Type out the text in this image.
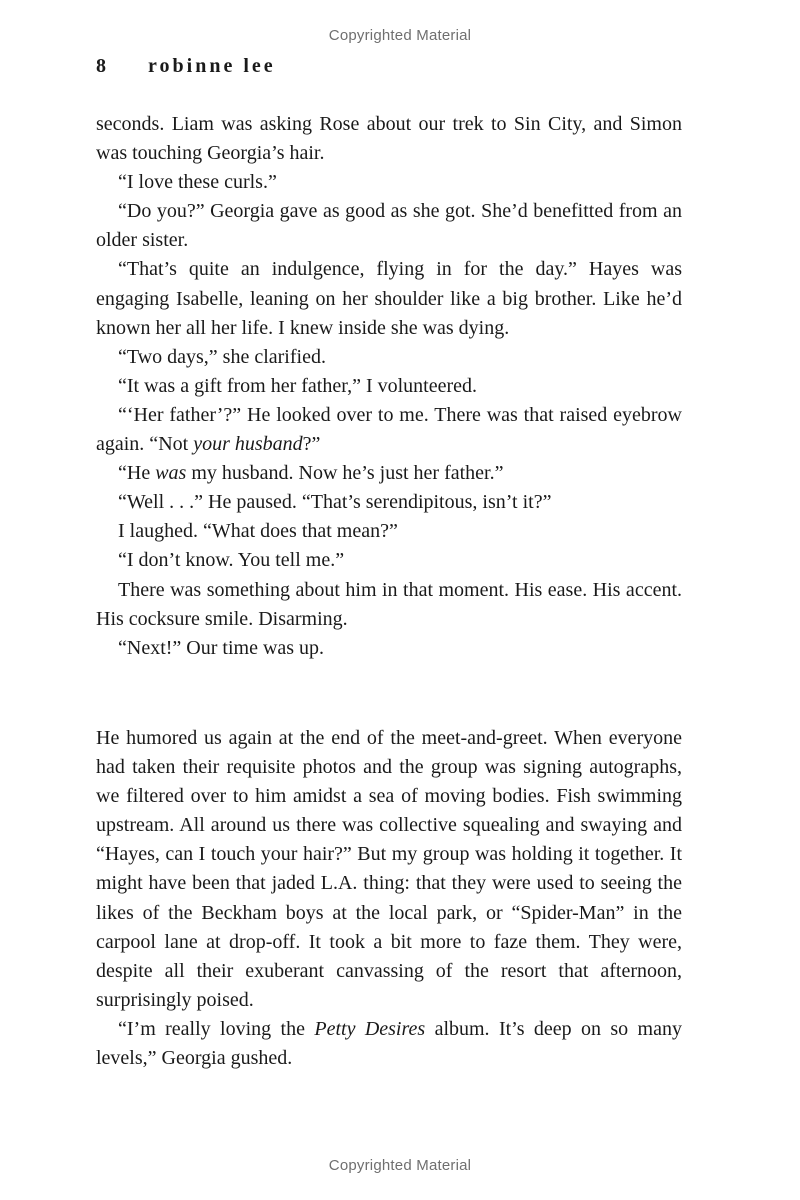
Copyrighted Material
8 robinne lee

seconds. Liam was asking Rose about our trek to Sin City, and Simon was touching Georgia’s hair.

“I love these curls.”

“Do you?” Georgia gave as good as she got. She’d benefitted from an older sister.

“That’s quite an indulgence, flying in for the day.” Hayes was engaging Isabelle, leaning on her shoulder like a big brother. Like he’d known her all her life. I knew inside she was dying.

“Two days,” she clarified.

“It was a gift from her father,” I volunteered.

“‘Her father’?” He looked over to me. There was that raised eyebrow again. “Not your husband?”

“He was my husband. Now he’s just her father.”

“Well . . .” He paused. “That’s serendipitous, isn’t it?”

I laughed. “What does that mean?”

“I don’t know. You tell me.”

There was something about him in that moment. His ease. His accent. His cocksure smile. Disarming.

“Next!” Our time was up.

He humored us again at the end of the meet-and-greet. When everyone had taken their requisite photos and the group was signing autographs, we filtered over to him amidst a sea of moving bodies. Fish swimming upstream. All around us there was collective squealing and swaying and “Hayes, can I touch your hair?” But my group was holding it together. It might have been that jaded L.A. thing: that they were used to seeing the likes of the Beckham boys at the local park, or “Spider-Man” in the carpool lane at drop-off. It took a bit more to faze them. They were, despite all their exuberant canvassing of the resort that afternoon, surprisingly poised.

“I’m really loving the Petty Desires album. It’s deep on so many levels,” Georgia gushed.

Copyrighted Material
